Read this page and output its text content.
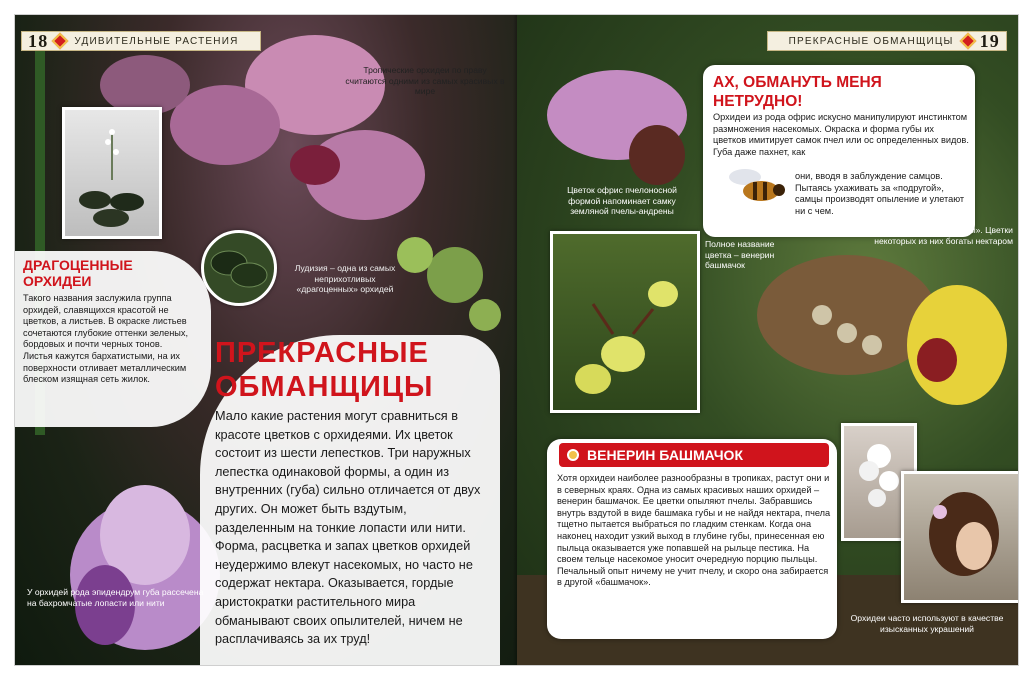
18	УДИВИТЕЛЬНЫЕ РАСТЕНИЯ
Тропические орхидеи по праву считаются одними из самых красивых в мире
Лудизия – одна из самых неприхотливых «драгоценных» орхидей
ДРАГОЦЕННЫЕ ОРХИДЕИ
Такого названия заслужила группа орхидей, славящихся красотой не цветков, а листьев. В окраске листьев сочетаются глубокие оттенки зеленых, бордовых и почти черных тонов. Листья кажутся бархатистыми, на их поверхности отливает металлическим блеском изящная сеть жилок.
ПРЕКРАСНЫЕ
ОБМАНЩИЦЫ
Мало какие растения могут сравниться в красоте цветков с орхидеями. Их цветок состоит из шести лепестков. Три наружных лепестка одинаковой формы, а один из внутренних (губа) сильно отличается от двух других. Он может быть вздутым, разделенным на тонкие лопасти или нити. Форма, расцветка и запах цветков орхидей неудержимо влекут насекомых, но часто не содержат нектара. Оказывается, гордые аристократки растительного мира обманывают своих опылителей, ничем не расплачиваясь за их труд!
У орхидей рода эпидендрум губа рассечена на бахромчатые лопасти или нити
ПРЕКРАСНЫЕ ОБМАНЩИЦЫ	19
АХ, ОБМАНУТЬ МЕНЯ НЕТРУДНО!
Орхидеи из рода офрис искусно манипулируют инстинктом размножения насекомых. Окраска и форма губы их цветков имитирует самок пчел или ос определенных видов. Губа даже пахнет, как
они, вводя в заблуждение самцов. Пытаясь ухаживать за «подругой», самцы производят опыление и улетают ни с чем.
Цветок офрис пчелоносной формой напоминает самку земляной пчелы-андрены
Полное название цветка – венерин башмачок
Не все орхидеи – «обманщицы». Цветки некоторых из них богаты нектаром
ВЕНЕРИН БАШМАЧОК
Хотя орхидеи наиболее разнообразны в тропиках, растут они и в северных краях. Одна из самых красивых наших орхидей – венерин башмачок. Ее цветки опыляют пчелы. Забравшись внутрь вздутой в виде башмака губы и не найдя нектара, пчела тщетно пытается выбраться по гладким стенкам. Когда она наконец находит узкий выход в глубине губы, принесенная ею пыльца оказывается уже попавшей на рыльце пестика. На своем тельце насекомое уносит очередную порцию пыльцы. Печальный опыт ничему не учит пчелу, и скоро она забирается в другой «башмачок».
Орхидеи часто используют в качестве изысканных украшений
